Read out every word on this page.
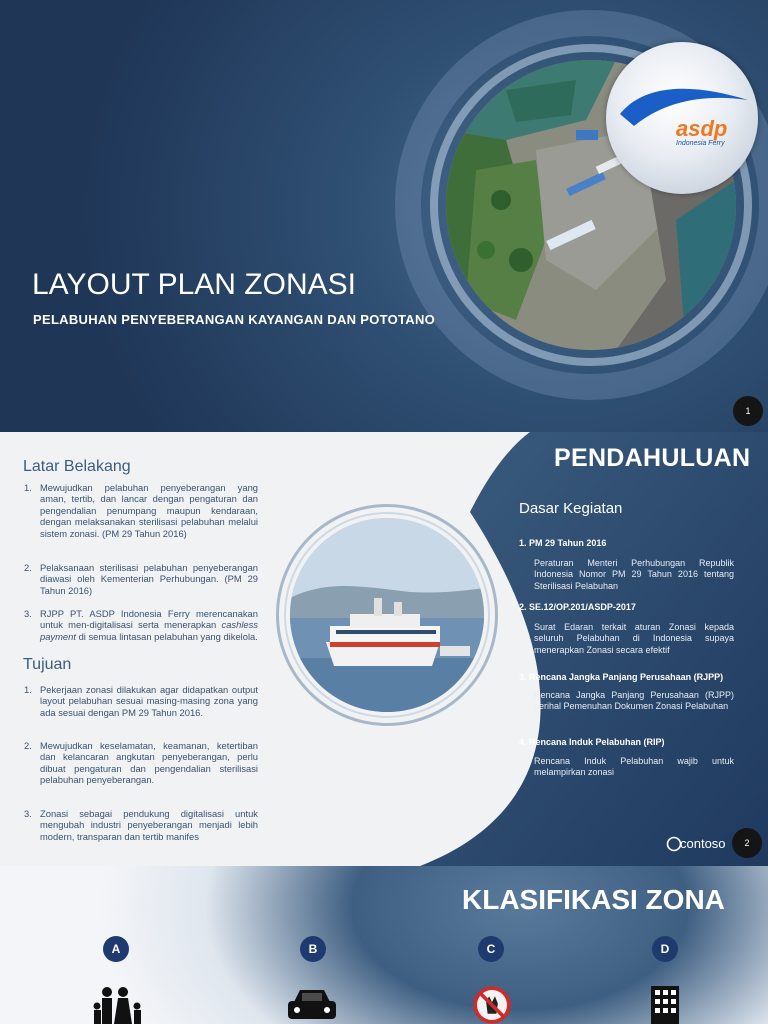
asdp
Indonesia Ferry
LAYOUT PLAN ZONASI
PELABUHAN PENYEBERANGAN KAYANGAN DAN POTOTANO
1
Latar Belakang
1. Mewujudkan pelabuhan penyeberangan yang aman, tertib, dan lancar dengan pengaturan dan pengendalian penumpang maupun kendaraan, dengan melaksanakan sterilisasi pelabuhan melalui sistem zonasi. (PM 29 Tahun 2016)
2. Pelaksanaan sterilisasi pelabuhan penyeberangan diawasi oleh Kementerian Perhubungan. (PM 29 Tahun 2016)
3. RJPP PT. ASDP Indonesia Ferry merencanakan untuk men-digitalisasi serta menerapkan cashless payment di semua lintasan pelabuhan yang dikelola.
Tujuan
1. Pekerjaan zonasi dilakukan agar didapatkan output layout pelabuhan sesuai masing-masing zona yang ada sesuai dengan PM 29 Tahun 2016.
2. Mewujudkan keselamatan, keamanan, ketertiban dan kelancaran angkutan penyeberangan, perlu dibuat pengaturan dan pengendalian sterilisasi pelabuhan penyeberangan.
3. Zonasi sebagai pendukung digitalisasi untuk mengubah industri penyeberangan menjadi lebih modern, transparan dan tertib manifes
PENDAHULUAN
Dasar Kegiatan
1. PM 29 Tahun 2016
Peraturan Menteri Perhubungan Republik Indonesia Nomor PM 29 Tahun 2016 tentang Sterilisasi Pelabuhan
2. SE.12/OP.201/ASDP-2017
Surat Edaran terkait aturan Zonasi kepada seluruh Pelabuhan di Indonesia supaya menerapkan Zonasi secara efektif
3. Rencana Jangka Panjang Perusahaan (RJPP)
Rencana Jangka Panjang Perusahaan (RJPP) perihal Pemenuhan Dokumen Zonasi Pelabuhan
4. Rencana Induk Pelabuhan (RIP)
Rencana Induk Pelabuhan wajib untuk melampirkan zonasi
contoso	2
KLASIFIKASI ZONA
A	B	C	D
